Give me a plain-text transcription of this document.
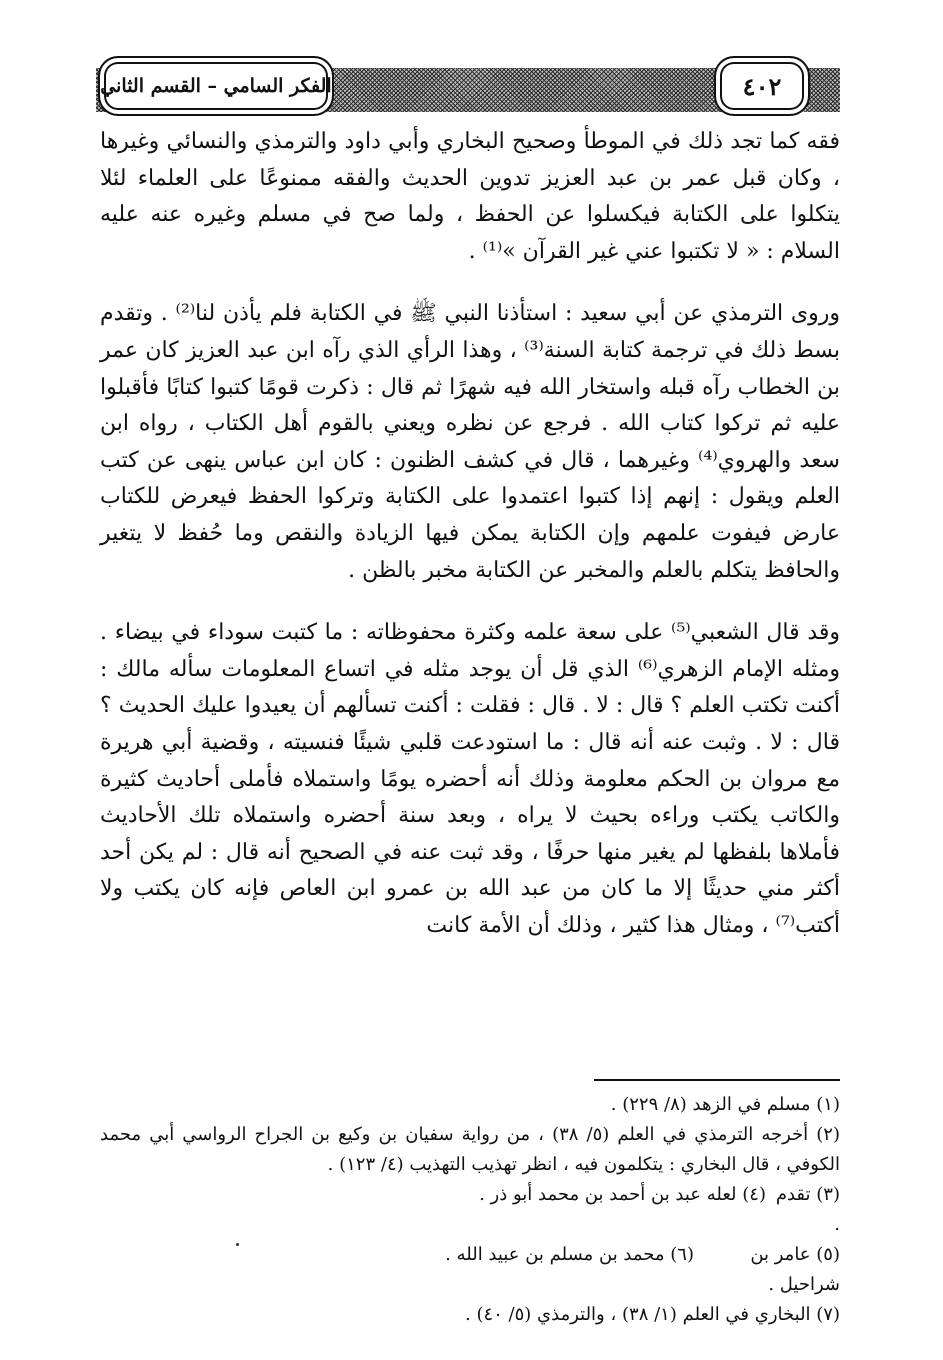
الفكر السامي – القسم الثاني	٤٠٢

فقه كما تجد ذلك في الموطأ وصحيح البخاري وأبي داود والترمذي والنسائي وغيرها ، وكان قبل عمر بن عبد العزيز تدوين الحديث والفقه ممنوعًا على العلماء لئلا يتكلوا على الكتابة فيكسلوا عن الحفظ ، ولما صح في مسلم وغيره عنه عليه السلام : « لا تكتبوا عني غير القرآن »⁽¹⁾ .

وروى الترمذي عن أبي سعيد : استأذنا النبي ﷺ في الكتابة فلم يأذن لنا⁽²⁾ . وتقدم بسط ذلك في ترجمة كتابة السنة⁽³⁾ ، وهذا الرأي الذي رآه ابن عبد العزيز كان عمر بن الخطاب رآه قبله واستخار الله فيه شهرًا ثم قال : ذكرت قومًا كتبوا كتابًا فأقبلوا عليه ثم تركوا كتاب الله . فرجع عن نظره ويعني بالقوم أهل الكتاب ، رواه ابن سعد والهروي⁽⁴⁾ وغيرهما ، قال في كشف الظنون : كان ابن عباس ينهى عن كتب العلم ويقول : إنهم إذا كتبوا اعتمدوا على الكتابة وتركوا الحفظ فيعرض للكتاب عارض فيفوت علمهم وإن الكتابة يمكن فيها الزيادة والنقص وما حُفظ لا يتغير والحافظ يتكلم بالعلم والمخبر عن الكتابة مخبر بالظن .

وقد قال الشعبي⁽⁵⁾ على سعة علمه وكثرة محفوظاته : ما كتبت سوداء في بيضاء . ومثله الإمام الزهري⁽⁶⁾ الذي قل أن يوجد مثله في اتساع المعلومات سأله مالك : أكنت تكتب العلم ؟ قال : لا . قال : فقلت : أكنت تسألهم أن يعيدوا عليك الحديث ؟ قال : لا . وثبت عنه أنه قال : ما استودعت قلبي شيئًا فنسيته ، وقضية أبي هريرة مع مروان بن الحكم معلومة وذلك أنه أحضره يومًا واستملاه فأملى أحاديث كثيرة والكاتب يكتب وراءه بحيث لا يراه ، وبعد سنة أحضره واستملاه تلك الأحاديث فأملاها بلفظها لم يغير منها حرفًا ، وقد ثبت عنه في الصحيح أنه قال : لم يكن أحد أكثر مني حديثًا إلا ما كان من عبد الله بن عمرو ابن العاص فإنه كان يكتب ولا أكتب⁽⁷⁾ ، ومثال هذا كثير ، وذلك أن الأمة كانت

(١) مسلم في الزهد (٨/ ٢٢٩) .

(٢) أخرجه الترمذي في العلم (٥/ ٣٨) ، من رواية سفيان بن وكيع بن الجراح الرواسي أبي محمد الكوفي ، قال البخاري : يتكلمون فيه ، انظر تهذيب التهذيب (٤/ ١٢٣) .

(٣) تقدم .
(٤) لعله عبد بن أحمد بن محمد أبو ذر .
(٥) عامر بن شراحيل .
(٦) محمد بن مسلم بن عبيد الله .

(٧) البخاري في العلم (١/ ٣٨) ، والترمذي (٥/ ٤٠) .
